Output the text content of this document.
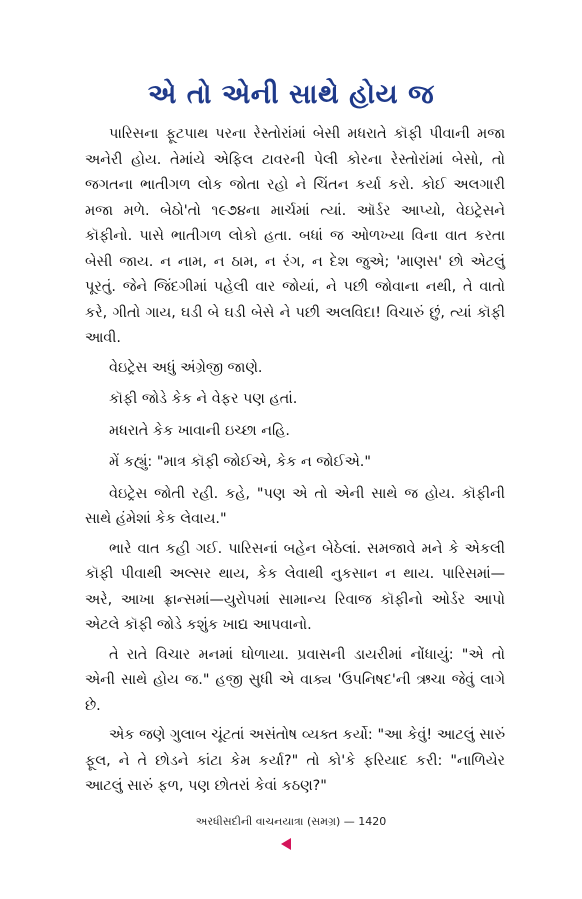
એ તો એની સાથે હોય જ

પારિસના ફૂટપાથ પરના રેસ્તોરાંમાં બેસી મધરાતે કૉફી પીવાની મજા અનેરી હોય. તેમાંયે એફિલ ટાવરની પેલી કોરના રેસ્તોરાંમાં બેસો, તો જગતના ભાતીગળ લોક જોતા રહો ને ચિંતન કર્યા કરો. કોઈ અલગારી મજા મળે. બેઠો'તો ૧૯૭૪ના માર્ચમાં ત્યાં. ઑર્ડર આપ્યો, વેઇટ્રેસને કૉફીનો. પાસે ભાતીગળ લોકો હતા. બધાં જ ઓળખ્યા વિના વાત કરતા બેસી જાય. ન નામ, ન ઠામ, ન રંગ, ન દેશ જુએ; 'માણસ' છો એટલું પૂરતું. જેને જિંદગીમાં પહેલી વાર જોયાં, ને પછી જોવાના નથી, તે વાતો કરે, ગીતો ગાય, ઘડી બે ઘડી બેસે ને પછી અલવિદા! વિચારું છું, ત્યાં કૉફી આવી.

વેઇટ્રેસ અધું અંગ્રેજી જાણે.

કૉફી જોડે કેક ને વેફર પણ હતાં.

મધરાતે કેક ખાવાની ઇચ્છા નહિ.

મેં કહ્યું: "માત્ર કૉફી જોઈએ, કેક ન જોઈએ."

વેઇટ્રેસ જોતી રહી. કહે, "પણ એ તો એની સાથે જ હોય. કૉફીની સાથે હંમેશાં કેક લેવાય."

ભારે વાત કહી ગઈ. પારિસનાં બહેન બેઠેલાં. સમજાવે મને કે એકલી કૉફી પીવાથી અલ્સર થાય, કેક લેવાથી નુકસાન ન થાય. પારિસમાં—અરે, આખા ફ્રાન્સમાં—યુરોપમાં સામાન્ય રિવાજ કૉફીનો ઓર્ડર આપો એટલે કૉફી જોડે કશુંક ખાદ્ય આપવાનો.

તે રાતે વિચાર મનમાં ઘોળાયા. પ્રવાસની ડાયરીમાં નોંધાયું: "એ તો એની સાથે હોય જ." હજી સુધી એ વાક્ય 'ઉપનિષદ'ની ઋચા જેવું લાગે છે.

એક જણે ગુલાબ ચૂંટતાં અસંતોષ વ્યક્ત કર્યો: "આ કેવું! આટલું સારું ફૂલ, ને તે છોડને કાંટા કેમ કર્યા?" તો કો'કે ફરિયાદ કરી: "નાળિયેર આટલું સારું ફળ, પણ છોતરાં કેવાં કઠણ?"

અરધીસદીની વાચનયાત્રા (સમગ્ર) — 1420
